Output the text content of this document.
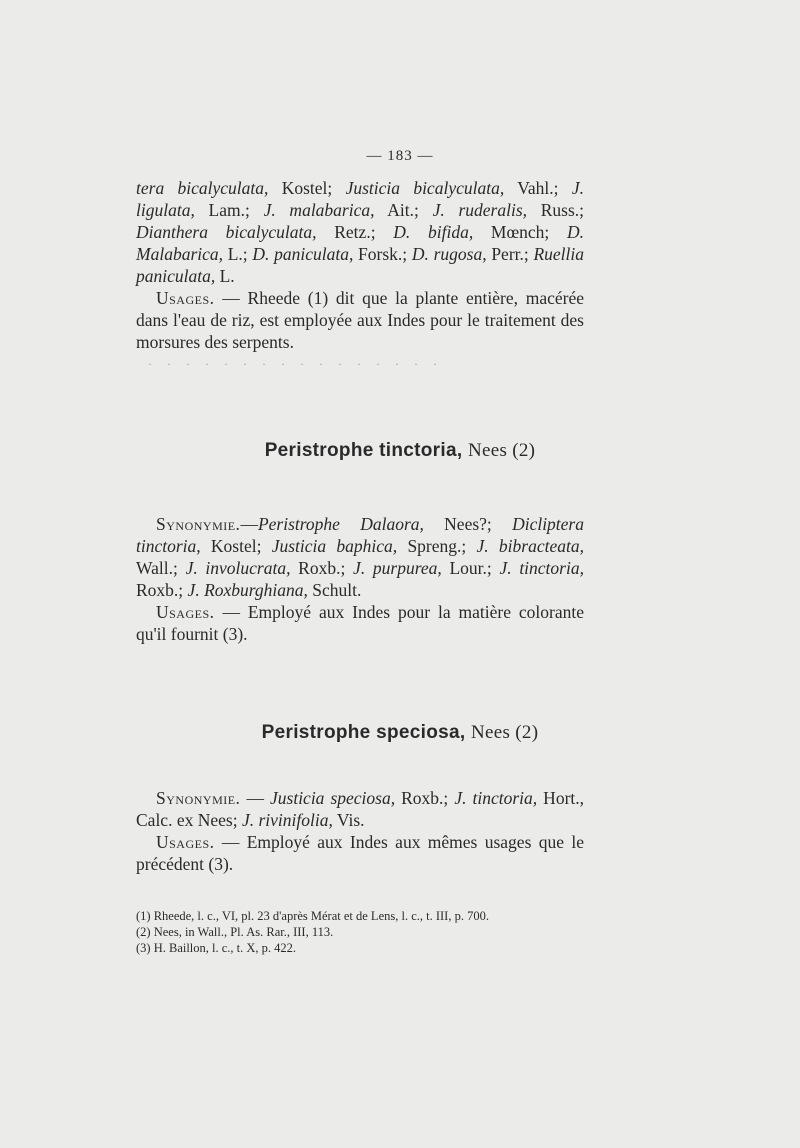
— 183 —

tera bicalyculata, Kostel; Justicia bicalyculata, Vahl.; J. ligulata, Lam.; J. malabarica, Ait.; J. ruderalis, Russ.; Dianthera bicalyculata, Retz.; D. bifida, Mœnch; D. Malabarica, L.; D. paniculata, Forsk.; D. rugosa, Perr.; Ruellia paniculata, L.

Usages. — Rheede (1) dit que la plante entière, macérée dans l'eau de riz, est employée aux Indes pour le traitement des morsures des serpents.

· · · · · · · · · · · · · · · ·
Peristrophe tinctoria, Nees (2)

Synonymie.—Peristrophe Dalaora, Nees?; Dicliptera tinctoria, Kostel; Justicia baphica, Spreng.; J. bibracteata, Wall.; J. involucrata, Roxb.; J. purpurea, Lour.; J. tinctoria, Roxb.; J. Roxburghiana, Schult.

Usages. — Employé aux Indes pour la matière colorante qu'il fournit (3).

Peristrophe speciosa, Nees (2)

Synonymie. — Justicia speciosa, Roxb.; J. tinctoria, Hort., Calc. ex Nees; J. rivinifolia, Vis.

Usages. — Employé aux Indes aux mêmes usages que le précédent (3).

(1) Rheede, l. c., VI, pl. 23 d'après Mérat et de Lens, l. c., t. III, p. 700.
(2) Nees, in Wall., Pl. As. Rar., III, 113.
(3) H. Baillon, l. c., t. X, p. 422.
